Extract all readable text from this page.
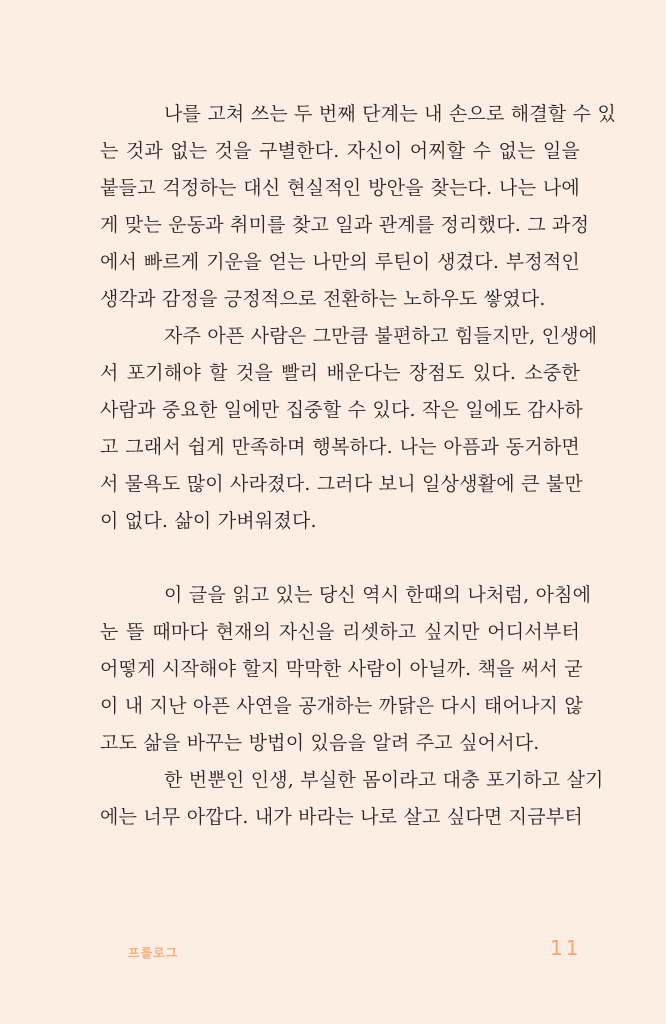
나를 고쳐 쓰는 두 번째 단계는 내 손으로 해결할 수 있
는 것과 없는 것을 구별한다. 자신이 어찌할 수 없는 일을
붙들고 걱정하는 대신 현실적인 방안을 찾는다. 나는 나에
게 맞는 운동과 취미를 찾고 일과 관계를 정리했다. 그 과정
에서 빠르게 기운을 얻는 나만의 루틴이 생겼다. 부정적인
생각과 감정을 긍정적으로 전환하는 노하우도 쌓였다.

자주 아픈 사람은 그만큼 불편하고 힘들지만, 인생에
서 포기해야 할 것을 빨리 배운다는 장점도 있다. 소중한
사람과 중요한 일에만 집중할 수 있다. 작은 일에도 감사하
고 그래서 쉽게 만족하며 행복하다. 나는 아픔과 동거하면
서 물욕도 많이 사라졌다. 그러다 보니 일상생활에 큰 불만
이 없다. 삶이 가벼워졌다.

이 글을 읽고 있는 당신 역시 한때의 나처럼, 아침에
눈 뜰 때마다 현재의 자신을 리셋하고 싶지만 어디서부터
어떻게 시작해야 할지 막막한 사람이 아닐까. 책을 써서 굳
이 내 지난 아픈 사연을 공개하는 까닭은 다시 태어나지 않
고도 삶을 바꾸는 방법이 있음을 알려 주고 싶어서다.

한 번뿐인 인생, 부실한 몸이라고 대충 포기하고 살기
에는 너무 아깝다. 내가 바라는 나로 살고 싶다면 지금부터

프롤로그	11
